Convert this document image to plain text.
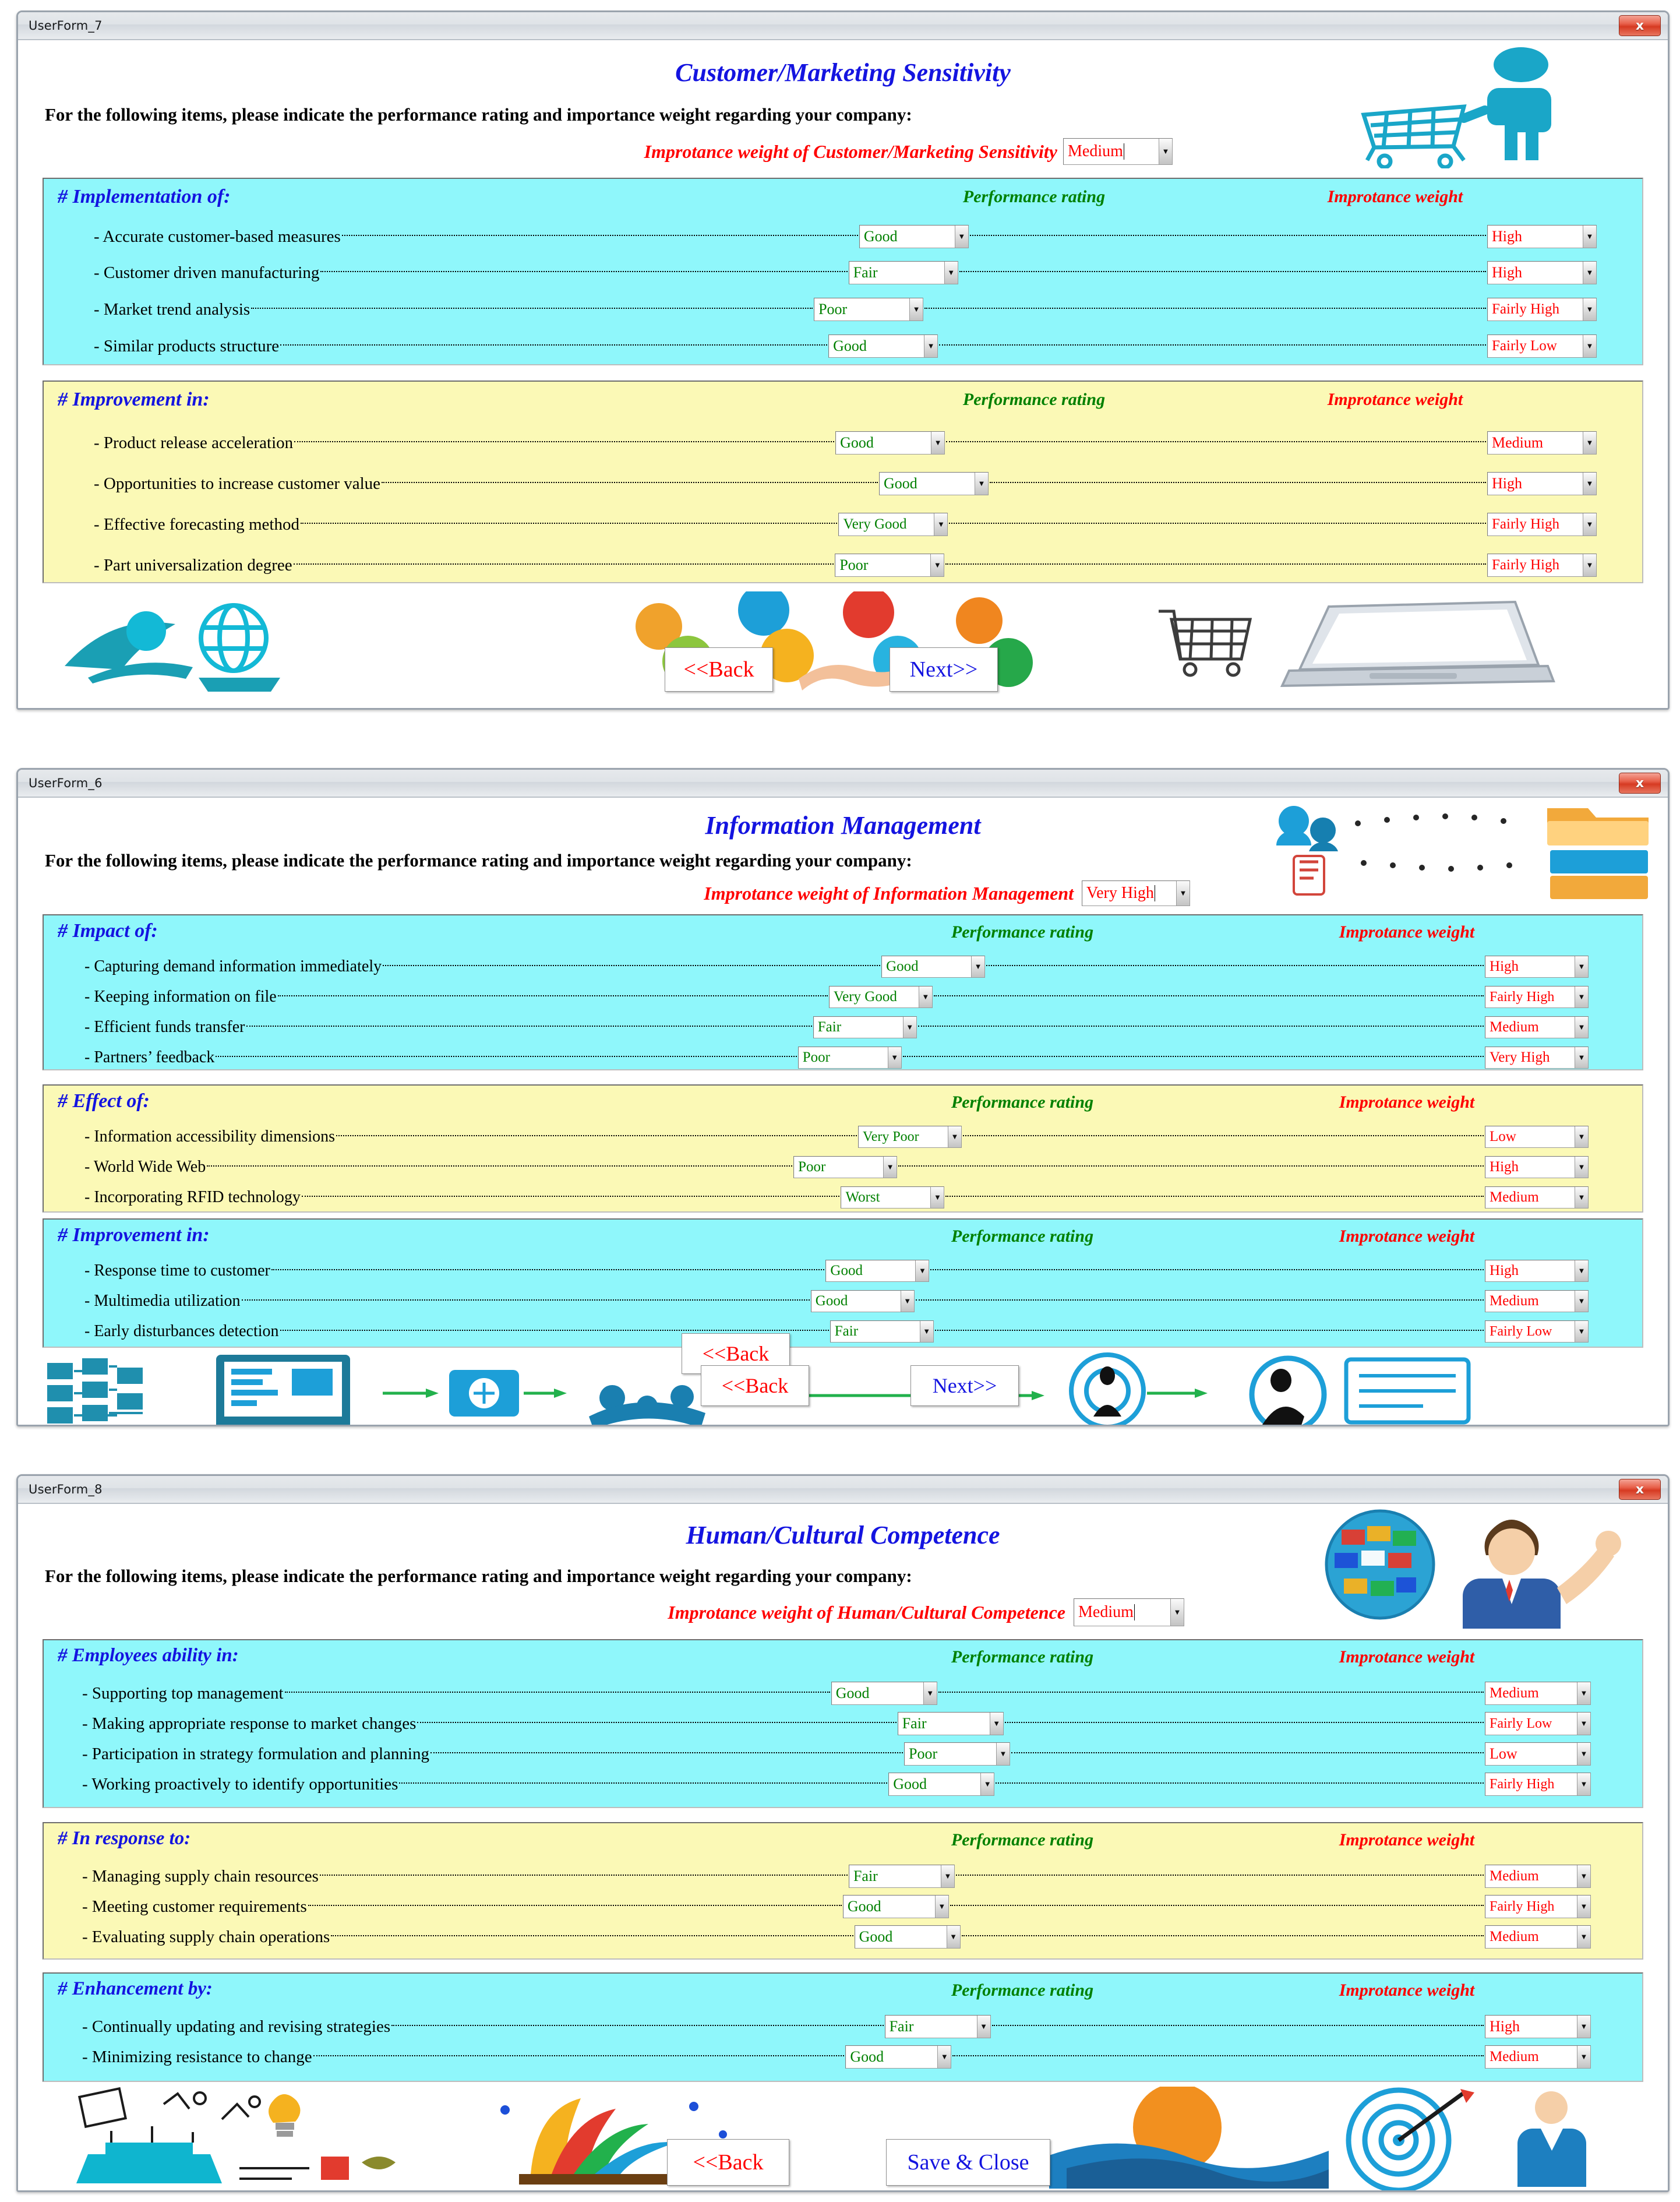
UserForm_7	x
Customer/Marketing Sensitivity
For the following items, please indicate the performance rating and importance weight regarding your company:
Improtance weight of Customer/Marketing Sensitivity Medium	▼
# Implementation of:	Performance rating	Improtance weight
- Accurate customer-based measures	Good	▼	High	▼
- Customer driven manufacturing	Fair	▼	High	▼
- Market trend analysis	Poor	▼	Fairly High	▼
- Similar products structure	Good	▼	Fairly Low	▼
# Improvement in:	Performance rating	Improtance weight
- Product release acceleration	Good	▼	Medium	▼
- Opportunities to increase customer value	Good	▼	High	▼
- Effective forecasting method	Very Good	▼	Fairly High	▼
- Part universalization degree	Poor	▼	Fairly High	▼
<<Back	Next>>
UserForm_6	x
Information Management
For the following items, please indicate the performance rating and importance weight regarding your company:
Improtance weight of Information Management Very High	▼
# Impact of:	Performance rating	Improtance weight
- Capturing demand information immediately	Good	▼	High	▼
- Keeping information on file	Very Good	▼	Fairly High	▼
- Efficient funds transfer	Fair	▼	Medium	▼
- Partners’ feedback	Poor	▼	Very High	▼
# Effect of:	Performance rating	Improtance weight
- Information accessibility dimensions	Very Poor	▼	Low	▼
- World Wide Web	Poor	▼	High	▼
- Incorporating RFID technology	Worst	▼	Medium	▼
# Improvement in:	Performance rating	Improtance weight
- Response time to customer	Good	▼	High	▼
- Multimedia utilization	Good	▼	Medium	▼
- Early disturbances detection	Fair	▼	Fairly Low	▼
<<Back
<<Back	Next>>
UserForm_8	x
Human/Cultural Competence
For the following items, please indicate the performance rating and importance weight regarding your company:
Improtance weight of Human/Cultural Competence Medium	▼
# Employees ability in:	Performance rating	Improtance weight
- Supporting top management	Good	▼	Medium	▼
- Making appropriate response to market changes	Fair	▼	Fairly Low	▼
- Participation in strategy formulation and planning	Poor	▼	Low	▼
- Working proactively to identify opportunities	Good	▼	Fairly High	▼
# In response to:	Performance rating	Improtance weight
- Managing supply chain resources	Fair	▼	Medium	▼
- Meeting customer requirements	Good	▼	Fairly High	▼
- Evaluating supply chain operations	Good	▼	Medium	▼
# Enhancement by:	Performance rating	Improtance weight
- Continually updating and revising strategies	Fair	▼	High	▼
- Minimizing resistance to change	Good	▼	Medium	▼
<<Back	Save & Close
